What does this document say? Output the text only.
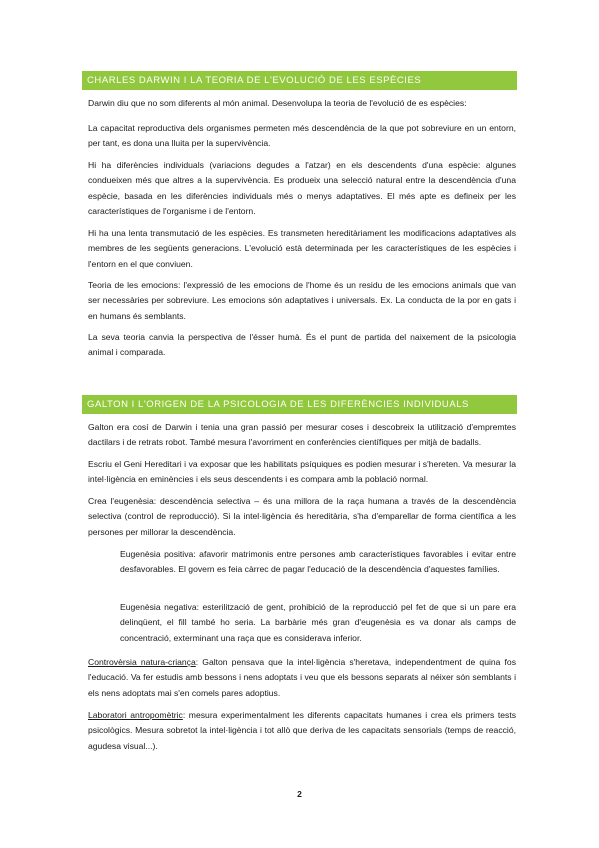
CHARLES DARWIN I LA TEORIA DE L'EVOLUCIÓ DE LES ESPÈCIES

Darwin diu que no som diferents al món animal. Desenvolupa la teoria de l'evolució de es espècies:

La capacitat reproductiva dels organismes permeten més descendència de la que pot sobreviure en un entorn, per tant, es dona una lluita per la supervivència.

Hi ha diferències individuals (variacions degudes a l'atzar) en els descendents d'una espècie: algunes condueixen més que altres a la supervivència. Es produeix una selecció natural entre la descendència d'una espècie, basada en les diferències individuals més o menys adaptatives. El més apte es defineix per les característiques de l'organisme i de l'entorn.

Hi ha una lenta transmutació de les espècies. Es transmeten hereditàriament les modificacions adaptatives als membres de les següents generacions. L'evolució està determinada per les característiques de les espècies i l'entorn en el que conviuen.

Teoria de les emocions: l'expressió de les emocions de l'home és un residu de les emocions animals que van ser necessàries per sobreviure. Les emocions són adaptatives i universals. Ex. La conducta de la por en gats i en humans és semblants.

La seva teoria canvia la perspectiva de l'ésser humà. És el punt de partida del naixement de la psicologia animal i comparada.

GALTON I L'ORIGEN DE LA PSICOLOGIA DE LES DIFERÈNCIES INDIVIDUALS

Galton era cosí de Darwin i tenia una gran passió per mesurar coses i descobreix la utilització d'empremtes dactilars i de retrats robot. També mesura l'avorriment en conferències científiques per mitjà de badalls.

Escriu el Geni Hereditari i va exposar que les habilitats psíquiques es podien mesurar i s'hereten. Va mesurar la intel·ligència en eminències i els seus descendents i es compara amb la població normal.

Crea l'eugenèsia: descendència selectiva – és una millora de la raça humana a través de la descendència selectiva (control de reproducció). Si la intel·ligència és hereditària, s'ha d'emparellar de forma científica a les persones per millorar la descendència.

Eugenèsia positiva: afavorir matrimonis entre persones amb característiques favorables i evitar entre desfavorables. El govern es feia càrrec de pagar l'educació de la descendència d'aquestes famílies.

Eugenèsia negativa: esterilització de gent, prohibició de la reproducció pel fet de que si un pare era delinqüent, el fill també ho seria. La barbàrie més gran d'eugenèsia es va donar als camps de concentració, exterminant una raça que es considerava inferior.

Controvèrsia natura-criança: Galton pensava que la intel·ligència s'heretava, independentment de quina fos l'educació. Va fer estudis amb bessons i nens adoptats i veu que els bessons separats al néixer són semblants i els nens adoptats mai s'en comels pares adoptius.

Laboratori antropomètric: mesura experimentalment les diferents capacitats humanes i crea els primers tests psicològics. Mesura sobretot la intel·ligència i tot allò que deriva de les capacitats sensorials (temps de reacció, agudesa visual...).

2
